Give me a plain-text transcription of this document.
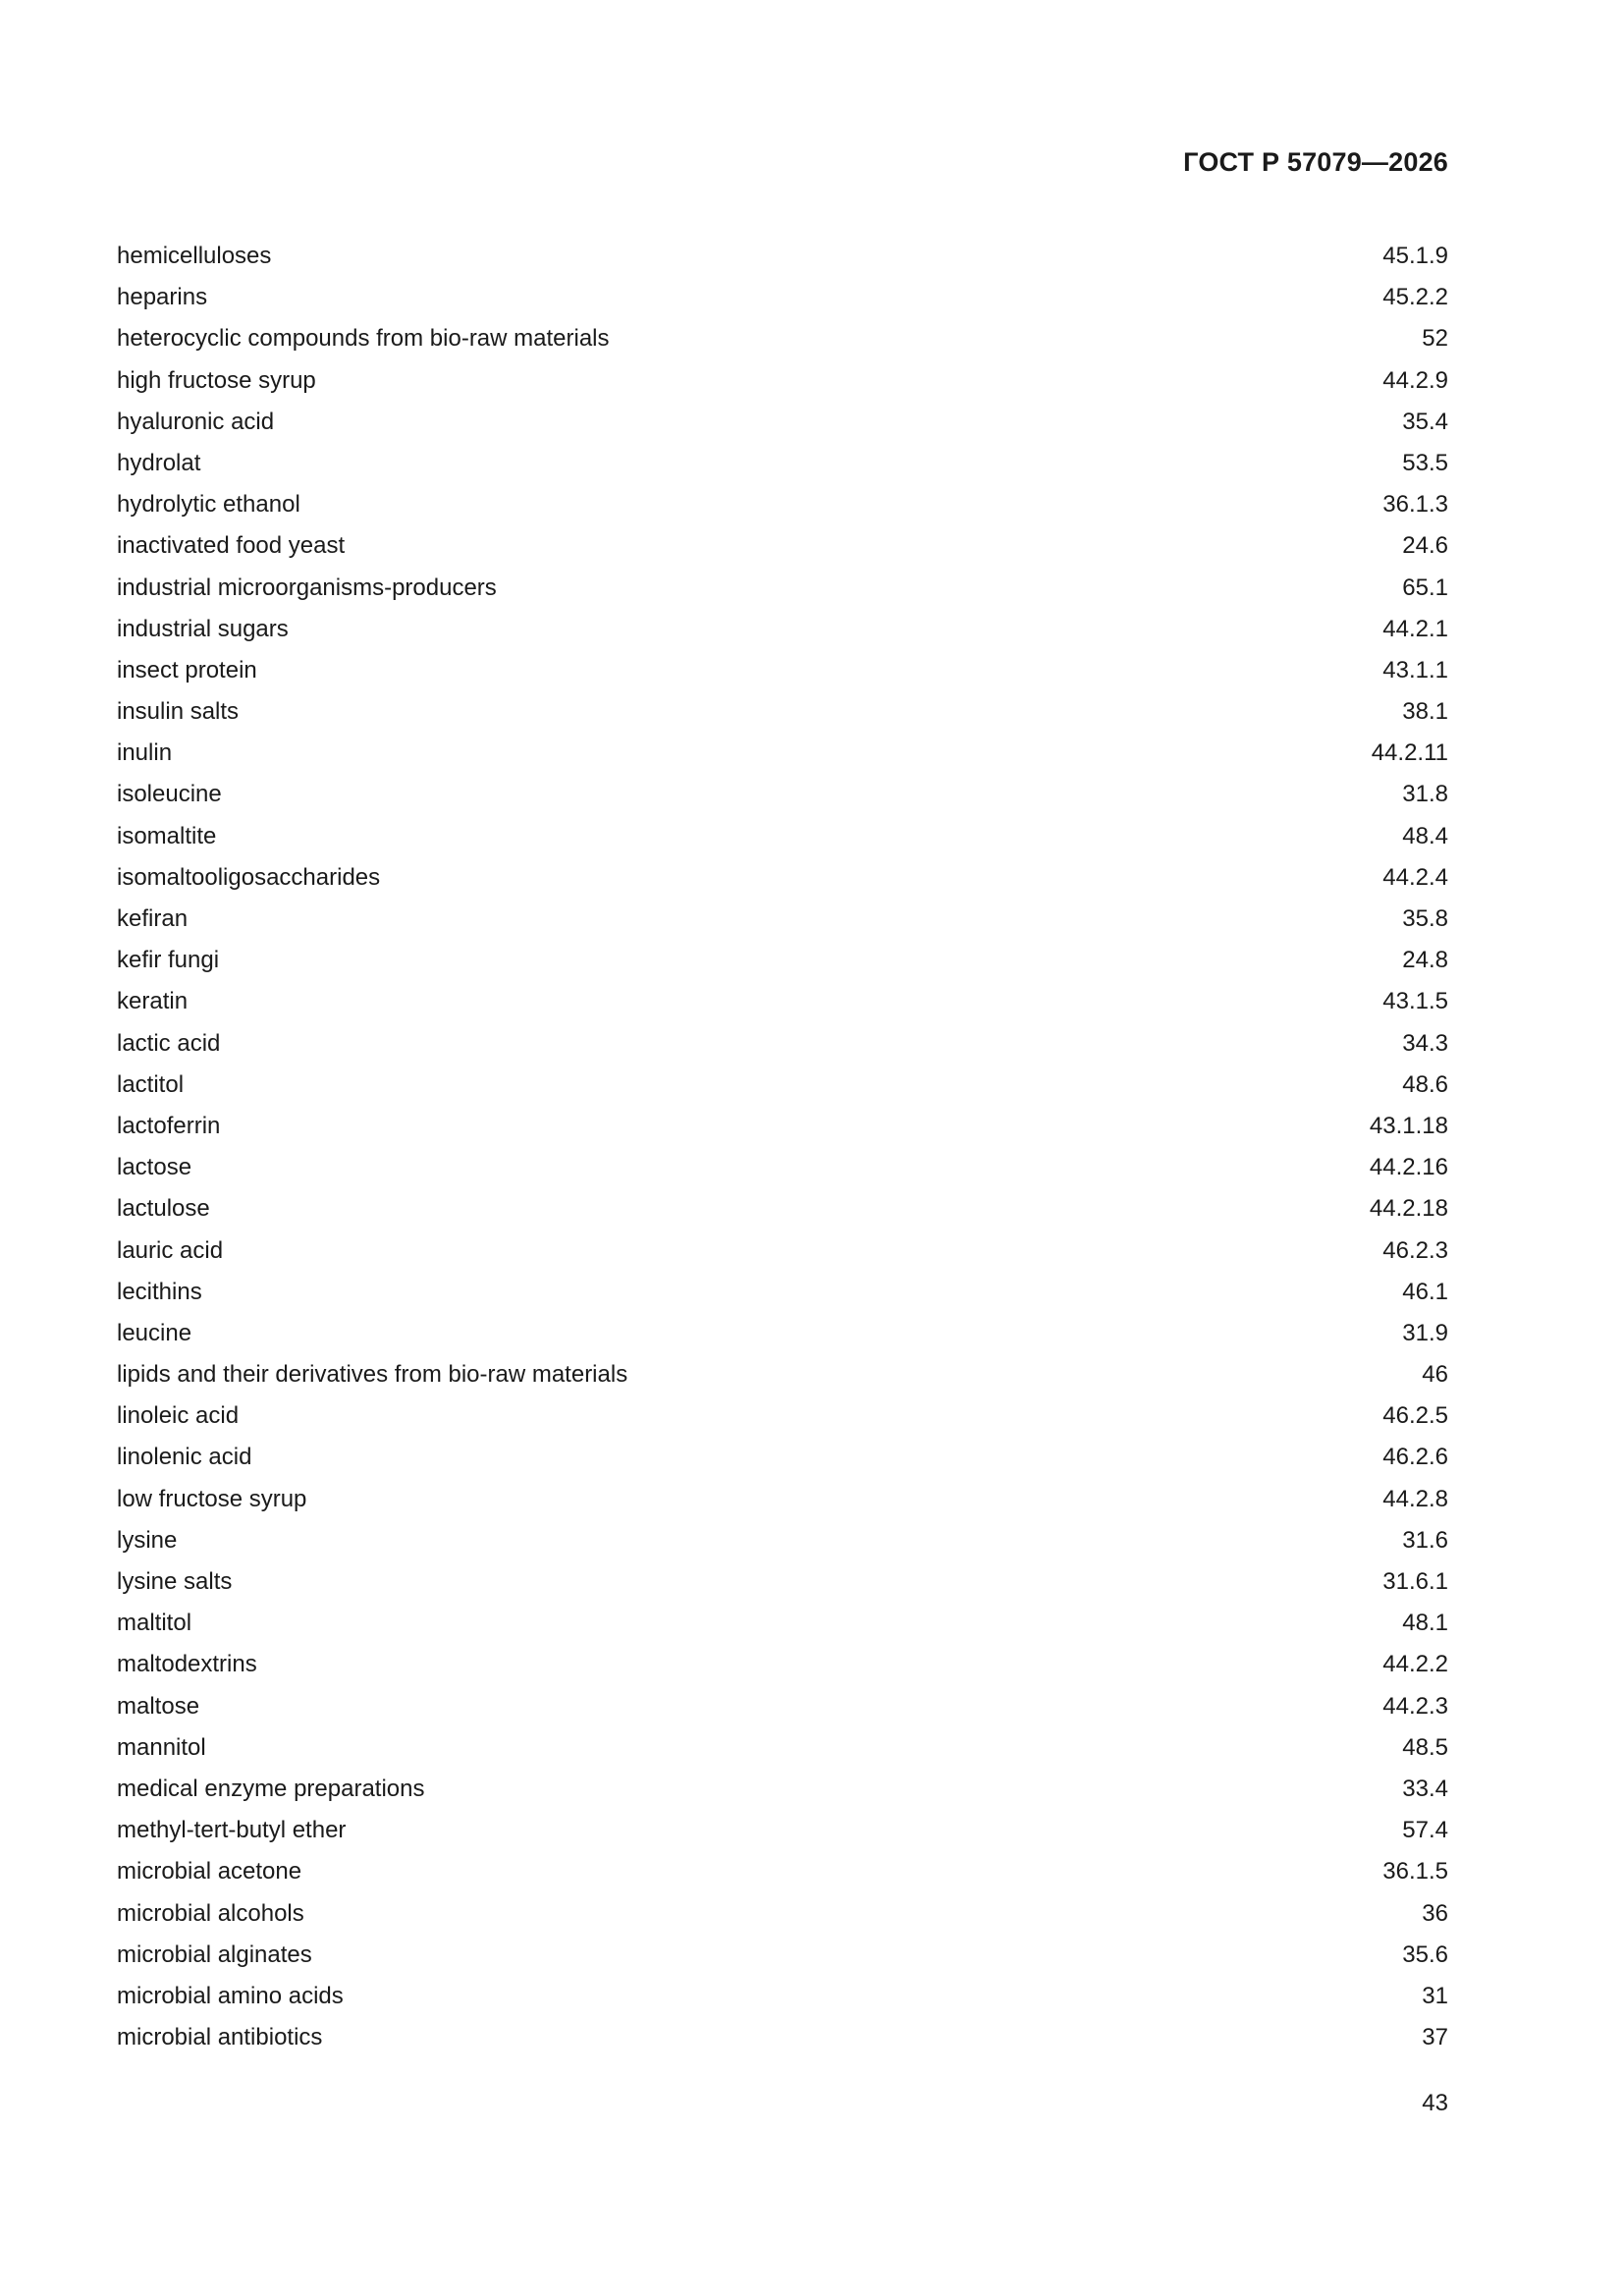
ГОСТ Р 57079—2026
hemicelluloses	45.1.9
heparins	45.2.2
heterocyclic compounds from bio-raw materials	52
high fructose syrup	44.2.9
hyaluronic acid	35.4
hydrolat	53.5
hydrolytic ethanol	36.1.3
inactivated food yeast	24.6
industrial microorganisms-producers	65.1
industrial sugars	44.2.1
insect protein	43.1.1
insulin salts	38.1
inulin	44.2.11
isoleucine	31.8
isomaltite	48.4
isomaltooligosaccharides	44.2.4
kefiran	35.8
kefir fungi	24.8
keratin	43.1.5
lactic acid	34.3
lactitol	48.6
lactoferrin	43.1.18
lactose	44.2.16
lactulose	44.2.18
lauric acid	46.2.3
lecithins	46.1
leucine	31.9
lipids and their derivatives from bio-raw materials	46
linoleic acid	46.2.5
linolenic acid	46.2.6
low fructose syrup	44.2.8
lysine	31.6
lysine salts	31.6.1
maltitol	48.1
maltodextrins	44.2.2
maltose	44.2.3
mannitol	48.5
medical enzyme preparations	33.4
methyl-tert-butyl ether	57.4
microbial acetone	36.1.5
microbial alcohols	36
microbial alginates	35.6
microbial amino acids	31
microbial antibiotics	37
43
